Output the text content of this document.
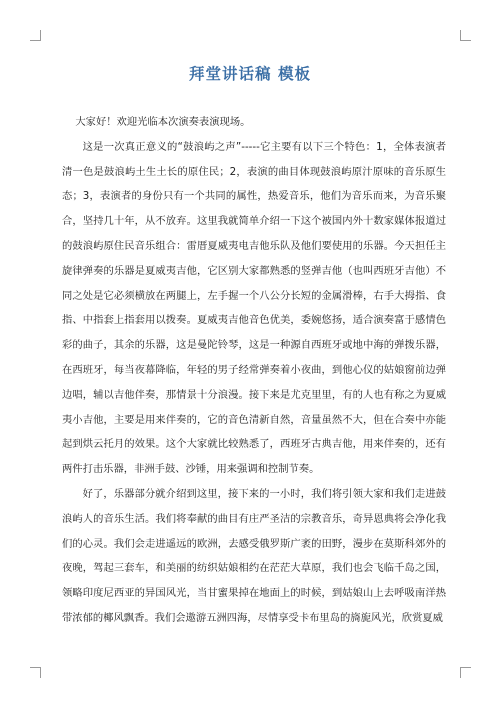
拜堂讲话稿 模板

大家好！欢迎光临本次演奏表演现场。

这是一次真正意义的“鼓浪屿之声”-----它主要有以下三个特色：1，全体表演者清一色是鼓浪屿土生土长的原住民；2，表演的曲目体现鼓浪屿原汁原味的音乐原生态；3，表演者的身份只有一个共同的属性，热爱音乐，他们为音乐而来，为音乐聚合，坚持几十年，从不放弃。这里我就简单介绍一下这个被国内外十数家媒体报道过的鼓浪屿原住民音乐组合：雷厝夏威夷电吉他乐队及他们要使用的乐器。今天担任主旋律弹奏的乐器是夏威夷吉他，它区别大家都熟悉的竖弹吉他（也叫西班牙吉他）不同之处是它必须横放在两腿上，左手握一个八公分长短的金属滑棒，右手大拇指、食指、中指套上指套用以拨奏。夏威夷吉他音色优美，委婉悠扬，适合演奏富于感情色彩的曲子，其余的乐器，这是曼陀铃琴，这是一种源自西班牙或地中海的弹拨乐器，在西班牙，每当夜幕降临，年轻的男子经常弹奏着小夜曲，到他心仪的姑娘窗前边弹边唱，辅以吉他伴奏，那情景十分浪漫。接下来是尤克里里，有的人也有称之为夏威夷小吉他，主要是用来伴奏的，它的音色清新自然，音量虽然不大，但在合奏中亦能起到烘云托月的效果。这个大家就比较熟悉了，西班牙古典吉他，用来伴奏的，还有两件打击乐器，非洲手鼓、沙锤，用来强调和控制节奏。

好了，乐器部分就介绍到这里，接下来的一小时，我们将引领大家和我们走进鼓浪屿人的音乐生活。我们将奉献的曲目有庄严圣洁的宗教音乐，奇异恩典将会净化我们的心灵。我们会走进遥远的欧洲，去感受俄罗斯广袤的田野，漫步在莫斯科郊外的夜晚，驾起三套车，和美丽的纺织姑娘相约在茫茫大草原，我们也会飞临千岛之国，领略印度尼西亚的异国风光，当甘蜜果掉在地面上的时候，到姑娘山上去呼吸南洋热带浓郁的椰风飘香。我们会遨游五洲四海，尽情享受卡布里岛的旖旎风光，欣赏夏威
